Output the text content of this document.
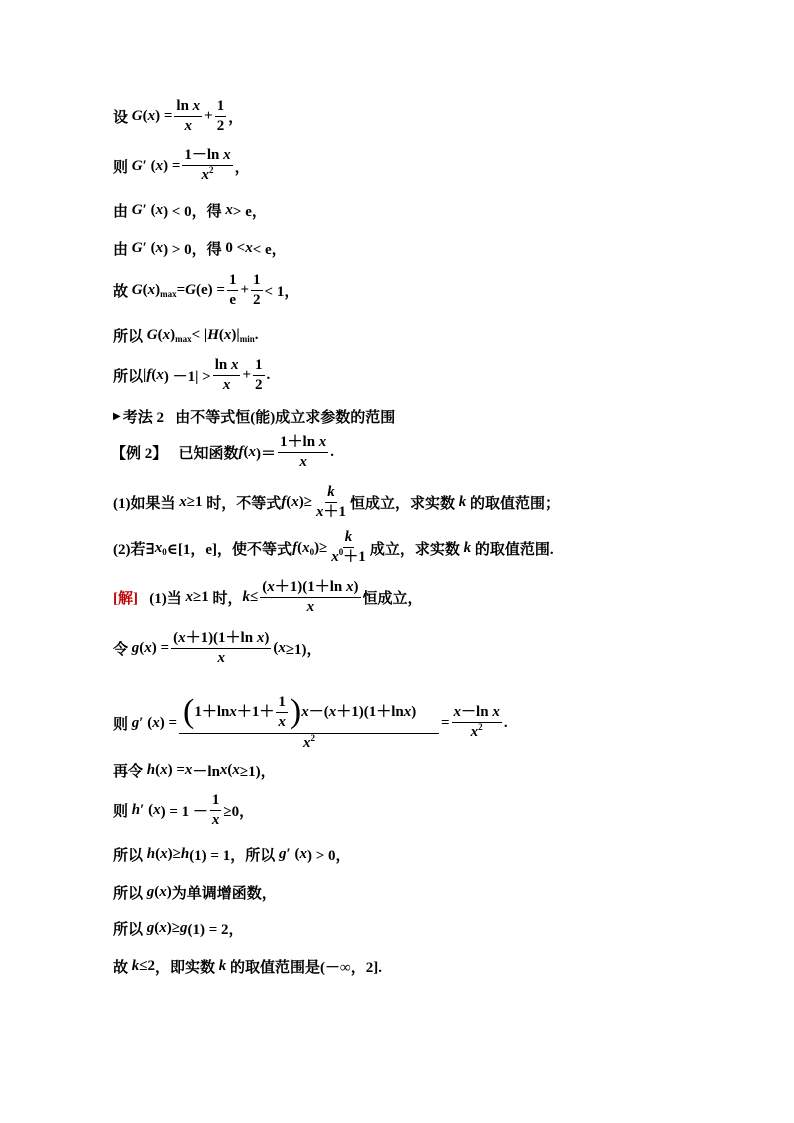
设
G ( x ) = $\frac{\text{ln x}}{x} + \frac{1}{2}$ ，
则
G ′ ( x ) = $\frac{\text{1－ln x}}{x^2}$ ，
由
G ′ ( x ) < 0， 得
x > e，
由
G ′ ( x ) > 0， 得 0 < x < e，
故
G ( x ) max = G $(e) = \frac{1}{e} + \frac{1}{2} < 1$，
所以
G ( x ) max < | H ( x )| min .
所以 | f ( x ) $-1| > \frac{\text{ln x}}{x} + \frac{1}{2}$ .
▶ 考法 2
由不等式恒(能)成立求参数的范围
【例 2】
已知函数 f ( x )＝ $\frac{\text{1＋ln x}}{x}$ .
(1)如果当
x ≥1 时，不等式 f ( x )≥ $\frac{k}{x+1}$ 恒成立，求实数
k
的取值范围；
(2)若∃ x 0 ∈[1，e]，使不等式 f ( x 0 )≥ $\frac{k}{x^0+1}$ 成立，求实数
k
的取值范围.
[解]
(1)当
x ≥1 时， $k \le \frac{\text{(x＋1)(1＋ln x)}}{x}$ 恒成立，
令
g ( x ) = $\frac{\text{(x＋1)(1＋ln x)}}{x}$ ( x ≥1)，
则
g ′ ( x ) = $\frac{( 1+\ln x +1+ \frac{1}{x} ) x -( x +1)(1+\ln x )}{x^2} = \frac{\text{x－ln x}}{x^2}$ .
再令
h ( x ) = x －ln x ( x ≥1)，
则
h ′ ( x ) = $1 - \frac{1}{x} \ge 0$，
所以
h ( x )≥ h (1) = 1， 所以
g ′ ( x ) > 0，
所以
g ( x ) 为单调增函数，
所以
g ( x )≥ g (1) = 2，
故
k ≤2 ，即实数
k
的取值范围是(－∞，2].
